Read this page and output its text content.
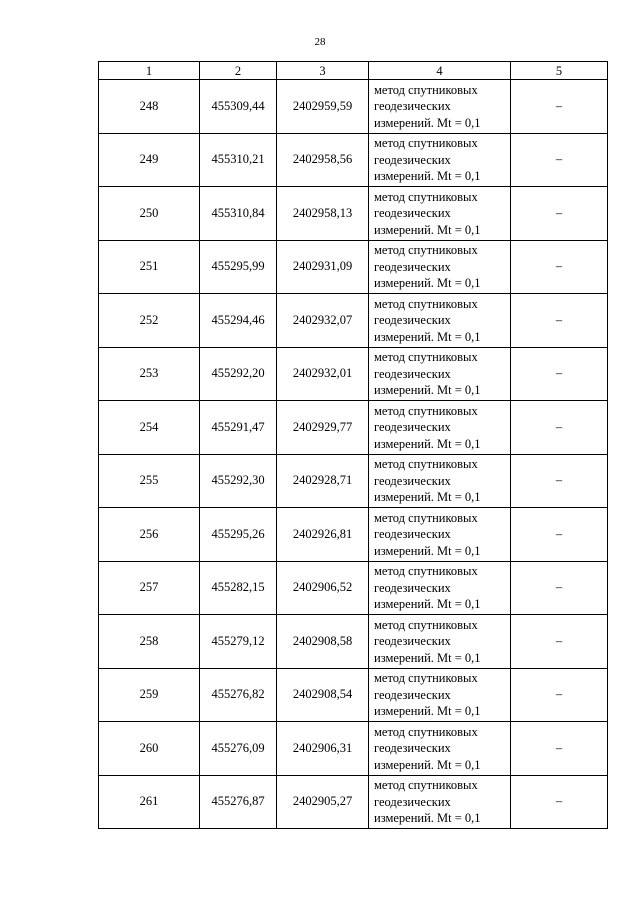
28
1	2	3	4	5
248	455309,44	2402959,59	метод спутниковых
геодезических
измерений. Mt = 0,1	–
249	455310,21	2402958,56	метод спутниковых
геодезических
измерений. Mt = 0,1	–
250	455310,84	2402958,13	метод спутниковых
геодезических
измерений. Mt = 0,1	–
251	455295,99	2402931,09	метод спутниковых
геодезических
измерений. Mt = 0,1	–
252	455294,46	2402932,07	метод спутниковых
геодезических
измерений. Mt = 0,1	–
253	455292,20	2402932,01	метод спутниковых
геодезических
измерений. Mt = 0,1	–
254	455291,47	2402929,77	метод спутниковых
геодезических
измерений. Mt = 0,1	–
255	455292,30	2402928,71	метод спутниковых
геодезических
измерений. Mt = 0,1	–
256	455295,26	2402926,81	метод спутниковых
геодезических
измерений. Mt = 0,1	–
257	455282,15	2402906,52	метод спутниковых
геодезических
измерений. Mt = 0,1	–
258	455279,12	2402908,58	метод спутниковых
геодезических
измерений. Mt = 0,1	–
259	455276,82	2402908,54	метод спутниковых
геодезических
измерений. Mt = 0,1	–
260	455276,09	2402906,31	метод спутниковых
геодезических
измерений. Mt = 0,1	–
261	455276,87	2402905,27	метод спутниковых
геодезических
измерений. Mt = 0,1	–
